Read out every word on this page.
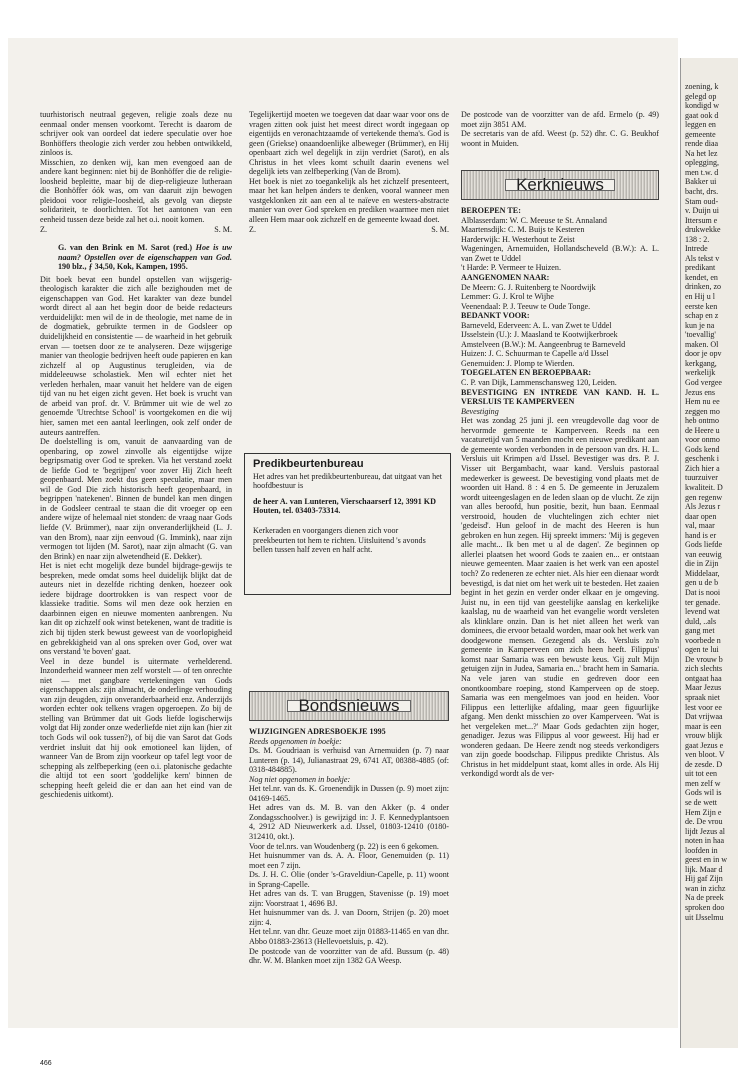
tuurhistorisch neutraal gegeven, religie zoals deze nu eenmaal onder mensen voorkomt. Terecht is daarom de schrijver ook van oordeel dat iedere speculatie over hoe Bonhöffers theologie zich verder zou hebben ontwikkeld, zinloos is.

Misschien, zo denken wij, kan men evengoed aan de andere kant beginnen: niet bij de Bonhöffer die de religie-loosheid bepleitte, maar bij de diep-religieuze lutheraan die Bonhöffer óók was, om van daaruit zijn bewogen pleidooi voor religie-loosheid, als gevolg van diepste solidariteit, te doorlichten. Tot het aantonen van een eenheid tussen deze beide zal het o.i. nooit komen.

Z.	S. M.
G. van den Brink en M. Sarot (red.) Hoe is uw naam? Opstellen over de eigenschappen van God. 190 blz., ƒ 34,50, Kok, Kampen, 1995.

Dit boek bevat een bundel opstellen van wijsgerig-theologisch karakter die zich alle bezighouden met de eigenschappen van God. Het karakter van deze bundel wordt direct al aan het begin door de beide redacteurs verduidelijkt: men wil de in de theologie, met name de in de dogmatiek, gebruikte termen in de Godsleer op duidelijkheid en consistentie — de waarheid in het gebruik ervan — toetsen door ze te analyseren. Deze wijsgerige manier van theologie bedrijven heeft oude papieren en kan zichzelf al op Augustinus terugleiden, via de middeleeuwse scholastiek. Men wil echter niet het verleden herhalen, maar vanuit het heldere van de eigen tijd van nu het eigen zicht geven. Het boek is vrucht van de arbeid van prof. dr. V. Brümmer uit wie de wel zo genoemde 'Utrechtse School' is voortgekomen en die wij hier, samen met een aantal leerlingen, ook zelf onder de auteurs aantreffen.

De doelstelling is om, vanuit de aanvaarding van de openbaring, op zowel zinvolle als eigentijdse wijze begripsmatig over God te spreken. Via het verstand zoekt de liefde God te 'begrijpen' voor zover Hij Zich heeft geopenbaard. Men zoekt dus geen speculatie, maar men wil de God Die zich historisch heeft geopenbaard, in begrippen 'natekenen'. Binnen de bundel kan men dingen in de Godsleer centraal te staan die dit vroeger op een andere wijze of helemaal niet stonden: de vraag naar Gods liefde (V. Brümmer), naar zijn onveranderlijkheid (L. J. van den Brom), naar zijn eenvoud (G. Immink), naar zijn vermogen tot lijden (M. Sarot), naar zijn almacht (G. van den Brink) en naar zijn alwetendheid (E. Dekker).

Het is niet echt mogelijk deze bundel bijdrage-gewijs te bespreken, mede omdat soms heel duidelijk blijkt dat de auteurs niet in dezelfde richting denken, hoezeer ook iedere bijdrage doortrokken is van respect voor de klassieke traditie. Soms wil men deze ook herzien en daarbinnen eigen en nieuwe momenten aanbrengen. Nu kan dit op zichzelf ook winst betekenen, want de traditie is zich bij tijden sterk bewust geweest van de voorlopigheid en gebrekkigheid van al ons spreken over God, over wat ons verstand 'te boven' gaat.

Veel in deze bundel is uitermate verhelderend. Inzonderheid wanneer men zelf worstelt — of ten onrechte niet — met gangbare vertekeningen van Gods eigenschappen als: zijn almacht, de onderlinge verhouding van zijn deugden, zijn onveranderbaarheid enz. Anderzijds worden echter ook telkens vragen opgeroepen. Zo bij de stelling van Brümmer dat uit Gods liefde logischerwijs volgt dat Hij zonder onze wederliefde niet zijn kan (hier zit toch Gods wil ook tussen?), of bij die van Sarot dat Gods verdriet insluit dat hij ook emotioneel kan lijden, of wanneer Van de Brom zijn voorkeur op tafel legt voor de schepping als zelfbeperking (een o.i. platonische gedachte die altijd tot een soort 'goddelijke kern' binnen de schepping heeft geleid die er dan aan het eind van de geschiedenis uitkomt).

Tegelijkertijd moeten we toegeven dat daar waar voor ons de vragen zitten ook juist het meest direct wordt ingegaan op eigentijds en veronachtzaamde of vertekende thema's. God is geen (Griekse) onaandoenlijke albeweger (Brümmer), en Hij openbaart zich wel degelijk in zijn verdriet (Sarot), en als Christus in het vlees komt schuilt daarin evenens wel degelijk iets van zelfbeperking (Van de Brom).

Het boek is niet zo toegankelijk als het zichzelf presenteert, maar het kan helpen ánders te denken, vooral wanneer men vastgeklonken zit aan een al te naïeve en westers-abstracte manier van over God spreken en prediken waarmee men niet alleen Hem maar ook zichzelf en de gemeente kwaad doet.

Z.	S. M.
Predikbeurtenbureau

Het adres van het predikbeurtenbureau, dat uitgaat van het hoofdbestuur is

de heer A. van Lunteren, Vierschaarserf 12, 3991 KD Houten, tel. 03403-73314.

Kerkeraden en voorgangers dienen zich voor preekbeurten tot hem te richten. Uitsluitend 's avonds bellen tussen half zeven en half acht.

Bondsnieuws

WIJZIGINGEN ADRESBOEKJE 1995

Reeds opgenomen in boekje:

Ds. M. Goudriaan is verhuisd van Arnemuiden (p. 7) naar Lunteren (p. 14), Julianastraat 29, 6741 AT, 08388-4885 (of: 0318-484885).

Nog niet opgenomen in boekje:

Het tel.nr. van ds. K. Groenendijk in Dussen (p. 9) moet zijn: 04169-1465.

Het adres van ds. M. B. van den Akker (p. 4 onder Zondagsschoolver.) is gewijzigd in: J. F. Kennedyplantsoen 4, 2912 AD Nieuwerkerk a.d. IJssel, 01803-12410 (0180-312410, okt.).

Voor de tel.nrs. van Woudenberg (p. 22) is een 6 gekomen.

Het huisnummer van ds. A. A. Floor, Genemuiden (p. 11) moet een 7 zijn.

Ds. J. H. C. Olie (onder 's-Graveldiun-Capelle, p. 11) woont in Sprang-Capelle.

Het adres van ds. T. van Bruggen, Stavenisse (p. 19) moet zijn: Voorstraat 1, 4696 BJ.

Het huisnummer van ds. J. van Doorn, Strijen (p. 20) moet zijn: 4.

Het tel.nr. van dhr. Geuze moet zijn 01883-11465 en van dhr. Abbo 01883-23613 (Hellevoetsluis, p. 42).

De postcode van de voorzitter van de afd. Bussum (p. 48) dhr. W. M. Blanken moet zijn 1382 GA Weesp.

De postcode van de voorzitter van de afd. Ermelo (p. 49) moet zijn 3851 AM.

De secretaris van de afd. Weest (p. 52) dhr. C. G. Beukhof woont in Muiden.

Kerknieuws

BEROEPEN TE:

Alblasserdam: W. C. Meeuse te St. Annaland
Maartensdijk: C. M. Buijs te Kesteren
Harderwijk: H. Westerhout te Zeist
Wageningen, Arnemuiden, Hollandscheveld (B.W.): A. L. van Zwet te Uddel
't Harde: P. Vermeer te Huizen.

AANGENOMEN NAAR:

De Meern: G. J. Ruitenberg te Noordwijk
Lemmer: G. J. Krol te Wijhe
Veenendaal: P. J. Teeuw te Oude Tonge.

BEDANKT VOOR:

Barneveld, Ederveen: A. L. van Zwet te Uddel
IJsselstein (U.): J. Maasland te Kootwijkerbroek
Amstelveen (B.W.): M. Aangeenbrug te Barneveld
Huizen: J. C. Schuurman te Capelle a/d IJssel
Genemuiden: J. Plomp te Wierden.

TOEGELATEN EN BEROEPBAAR:

C. P. van Dijk, Lammenschansweg 120, Leiden.

BEVESTIGING EN INTREDE VAN KAND. H. L. VERSLUIS TE KAMPERVEEN

Bevestiging

Het was zondag 25 juni jl. een vreugdevolle dag voor de hervormde gemeente te Kamperveen. Reeds na een vacaturetijd van 5 maanden mocht een nieuwe predikant aan de gemeente worden verbonden in de persoon van drs. H. L. Versluis uit Krimpen a/d IJssel. Bevestiger was drs. P. J. Visser uit Bergambacht, waar kand. Versluis pastoraal medewerker is geweest. De bevestiging vond plaats met de woorden uit Hand. 8 : 4 en 5. De gemeente in Jeruzalem wordt uiteengeslagen en de leden slaan op de vlucht. Ze zijn van alles beroofd, hun positie, bezit, hun baan. Eenmaal verstrooid, houden de vluchtelingen zich echter niet 'gedeisd'. Hun geloof in de macht des Heeren is hun gebroken en hun zegen. Hij spreekt immers: 'Mij is gegeven alle macht... Ik ben met u al de dagen'. Ze beginnen op allerlei plaatsen het woord Gods te zaaien en... er ontstaan nieuwe gemeenten. Maar zaaien is het werk van een apostel toch? Zo redeneren ze echter niet. Als hier een dienaar wordt bevestigd, is dat niet om het werk uit te besteden. Het zaaien begint in het gezin en verder onder elkaar en je omgeving. Juist nu, in een tijd van geestelijke aanslag en kerkelijke kaalslag, nu de waarheid van het evangelie wordt versleten als klinklare onzin. Dan is het niet alleen het werk van dominees, die ervoor betaald worden, maar ook het werk van doodgewone mensen. Gezegend als ds. Versluis zo'n gemeente in Kamperveen om zich heen heeft. Filippus' komst naar Samaria was een bewuste keus. 'Gij zult Mijn getuigen zijn in Judea, Samaria en...' bracht hem in Samaria. Na vele jaren van studie en gedreven door een onontkoombare roeping, stond Kamperveen op de stoep. Samaria was een mengelmoes van jood en heiden. Voor Filippus een letterlijke afdaling, maar geen figuurlijke afgang. Men denkt misschien zo over Kamperveen. 'Wat is het vergeleken met...?' Maar Gods gedachten zijn hoger, genadiger. Jezus was Filippus al voor geweest. Hij had er wonderen gedaan. De Heere zendt nog steeds verkondigers van zijn goede boodschap. Filippus predikte Christus. Als Christus in het middelpunt staat, komt alles in orde. Als Hij verkondigd wordt als de ver-

466
zoening, k
gelegd op
kondigd w
gaat ook d
leggen en
gemeente
rende diaa
Na het lez
oplegging,
men t.w. d
Bakker ui
bacht, drs.
Stam oud-
v. Duijn ui
Ittersum e
drukwekke
138 : 2.
Intrede
Als tekst v
predikant
kendet, en
drinken, zo
en Hij u l
eerste ken
schap en z
kun je na
'toevallig'
maken. Ol
door je opv
kerkgang,
werkelijk
God vergee
Jezus ens
Hem nu ee
zeggen mo
heb ontmo
de Heere u
voor onmo
Gods kend
geschenk i
Zich hier a
tuurzuiver
kwaliteit. D
gen regenw
Als Jezus r
daar open
val, maar
hand is er
Gods liefde
van eeuwig
die in Zijn
Middelaar,
gen u de b
Dat is nooi
ter genade.
levend wat
duld, ..als
gang met
voorbede n
ogen te lui
De vrouw b
zich slechts
ontgaat haa
Maar Jezus
spraak niet
lest voor ee
Dat vrijwaa
maar is een
vrouw blijk
gaat Jezus e
ven bloot. V
de zesde. D
uit tot een
men zelf w
Gods wil is
se de wett
Hem Zijn e
de. De vrou
lijdt Jezus al
noten in haa
loofden in
geest en in w
lijk. Maar d
Hij gaf Zijn
wan in zichz
Na de preek
sproken doo
uit IJsselmu
